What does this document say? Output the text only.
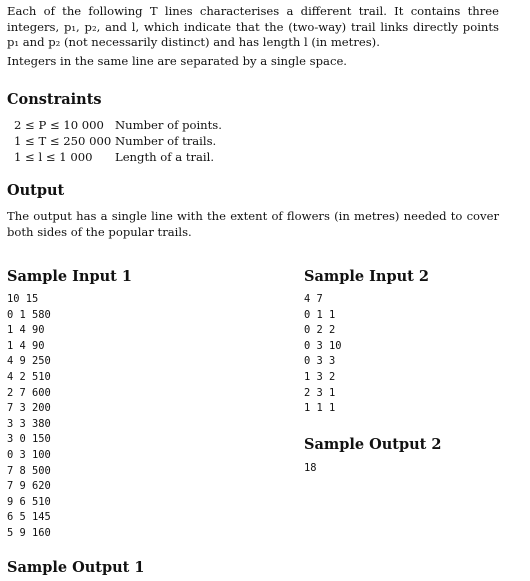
Each of the following T lines characterises a different trail. It contains three integers, p₁, p₂, and l, which indicate that the (two-way) trail links directly points p₁ and p₂ (not necessarily distinct) and has length l (in metres).

Integers in the same line are separated by a single space.

Constraints
2 ≤ P ≤ 10 000 Number of points.
1 ≤ T ≤ 250 000 Number of trails.
1 ≤ l ≤ 1 000	Length of a trail.
Output

The output has a single line with the extent of flowers (in metres) needed to cover both sides of the popular trails.

Sample Input 1
10 15
0 1 580
1 4 90
1 4 90
4 9 250
4 2 510
2 7 600
7 3 200
3 3 380
3 0 150
0 3 100
7 8 500
7 9 620
9 6 510
6 5 145
5 9 160
Sample Input 2
4 7
0 1 1
0 2 2
0 3 10
0 3 3
1 3 2
2 3 1
1 1 1
Sample Output 2
18
Sample Output 1
